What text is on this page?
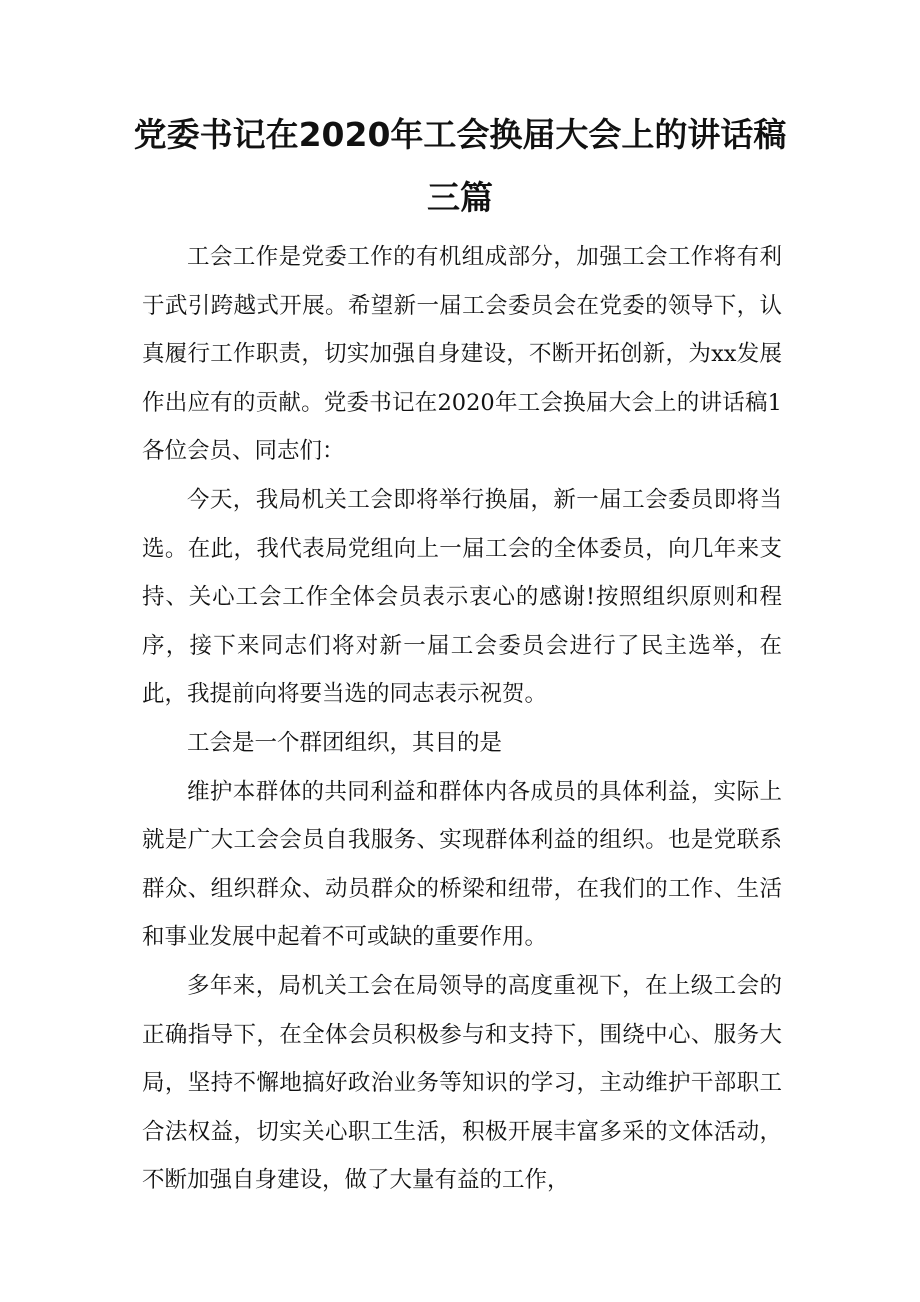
党委书记在2020年工会换届大会上的讲话稿三篇

工会工作是党委工作的有机组成部分，加强工会工作将有利于武引跨越式开展。希望新一届工会委员会在党委的领导下，认真履行工作职责，切实加强自身建设，不断开拓创新，为xx发展作出应有的贡献。党委书记在2020年工会换届大会上的讲话稿1各位会员、同志们：

今天，我局机关工会即将举行换届，新一届工会委员即将当选。在此，我代表局党组向上一届工会的全体委员，向几年来支持、关心工会工作全体会员表示衷心的感谢!按照组织原则和程序，接下来同志们将对新一届工会委员会进行了民主选举，在此，我提前向将要当选的同志表示祝贺。

工会是一个群团组织，其目的是

维护本群体的共同利益和群体内各成员的具体利益，实际上就是广大工会会员自我服务、实现群体利益的组织。也是党联系群众、组织群众、动员群众的桥梁和纽带，在我们的工作、生活和事业发展中起着不可或缺的重要作用。

多年来，局机关工会在局领导的高度重视下，在上级工会的正确指导下，在全体会员积极参与和支持下，围绕中心、服务大局，坚持不懈地搞好政治业务等知识的学习，主动维护干部职工合法权益，切实关心职工生活，积极开展丰富多采的文体活动，不断加强自身建设，做了大量有益的工作，
